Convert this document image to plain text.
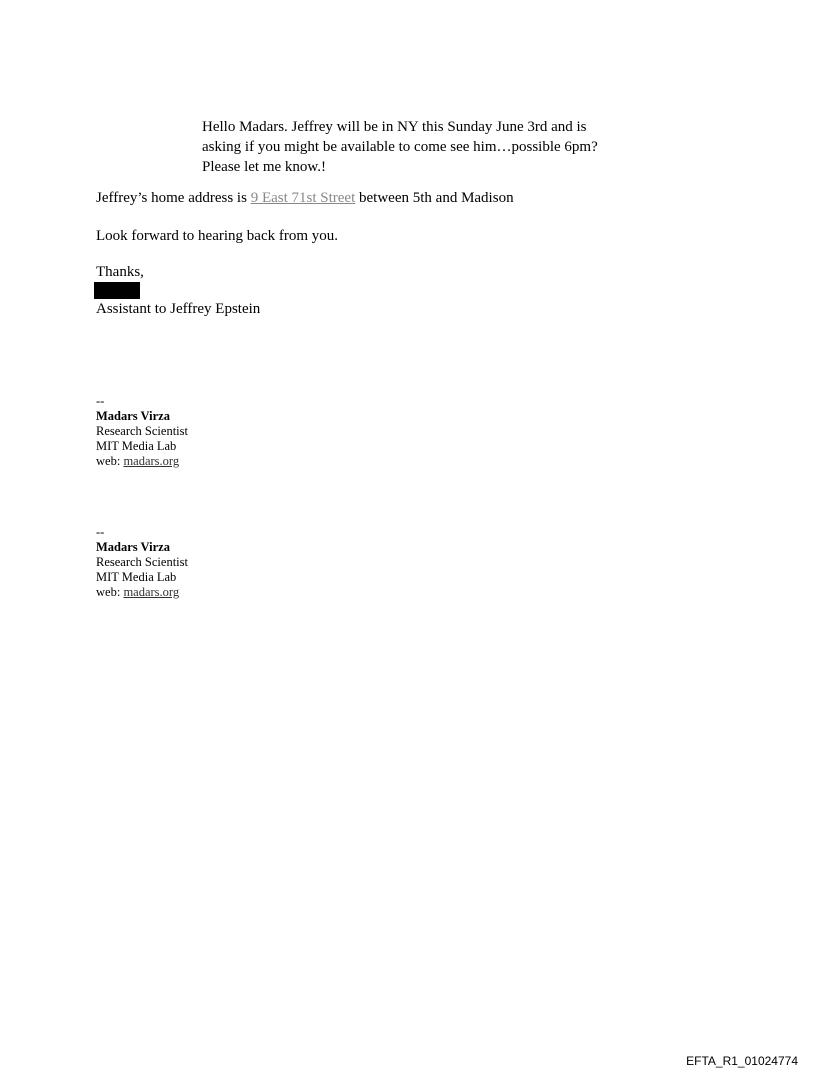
Hello Madars. Jeffrey will be in NY this Sunday June 3rd and is
asking if you might be available to come see him…possible 6pm?
Please let me know.!
Jeffrey’s home address is 9 East 71st Street between 5th and Madison
Look forward to hearing back from you.
Thanks,
Assistant to Jeffrey Epstein
--
Madars Virza
Research Scientist
MIT Media Lab
web: madars.org
--
Madars Virza
Research Scientist
MIT Media Lab
web: madars.org
EFTA_R1_01024774
